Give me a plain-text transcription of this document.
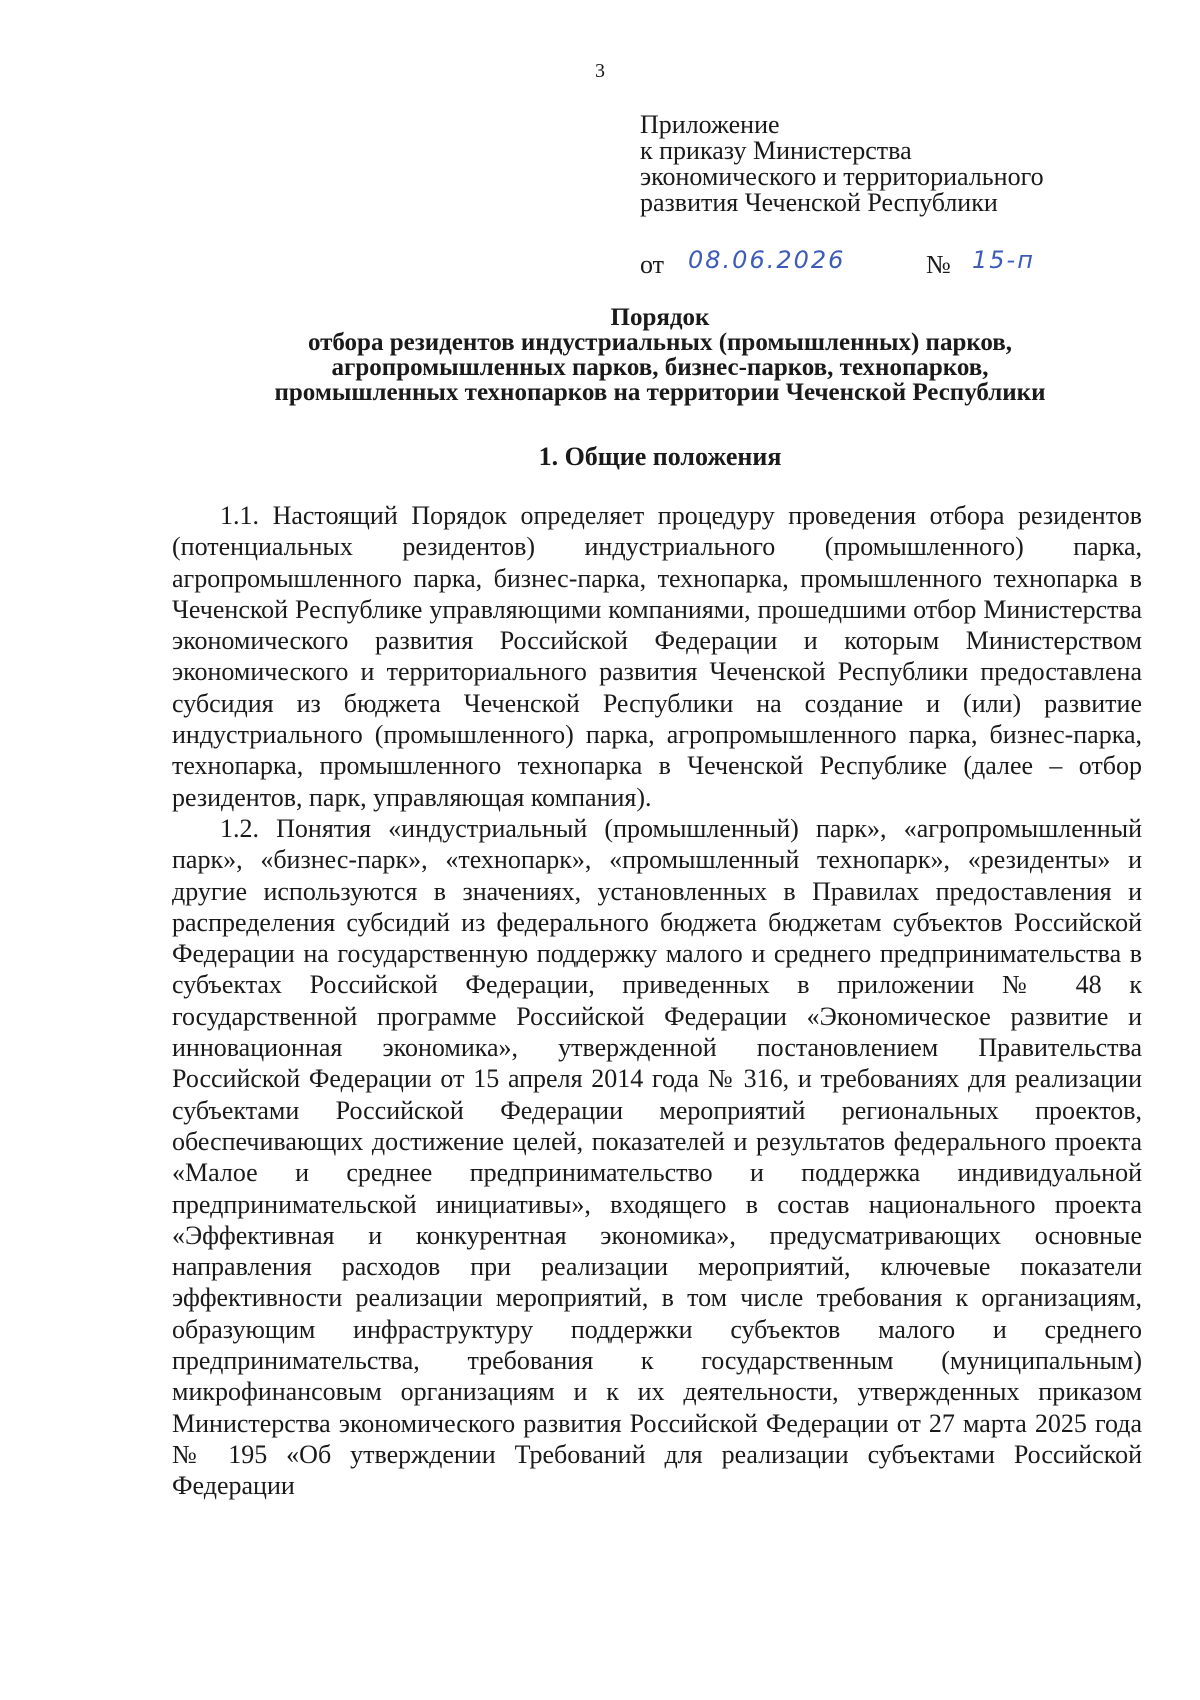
3
Приложение
к приказу Министерства
экономического и территориального
развития Чеченской Республики
от 08.06.2026	№ 15-п
Порядок
отбора резидентов индустриальных (промышленных) парков,
агропромышленных парков, бизнес-парков, технопарков,
промышленных технопарков на территории Чеченской Республики
1. Общие положения

1.1. Настоящий Порядок определяет процедуру проведения отбора резидентов (потенциальных резидентов) индустриального (промышленного) парка, агропромышленного парка, бизнес-парка, технопарка, промышленного технопарка в Чеченской Республике управляющими компаниями, прошедшими отбор Министерства экономического развития Российской Федерации и которым Министерством экономического и территориального развития Чеченской Республики предоставлена субсидия из бюджета Чеченской Республики на создание и (или) развитие индустриального (промышленного) парка, агропромышленного парка, бизнес-парка, технопарка, промышленного технопарка в Чеченской Республике (далее – отбор резидентов, парк, управляющая компания).

1.2. Понятия «индустриальный (промышленный) парк», «агропромышленный парк», «бизнес-парк», «технопарк», «промышленный технопарк», «резиденты» и другие используются в значениях, установленных в Правилах предоставления и распределения субсидий из федерального бюджета бюджетам субъектов Российской Федерации на государственную поддержку малого и среднего предпринимательства в субъектах Российской Федерации, приведенных в приложении № 48 к государственной программе Российской Федерации «Экономическое развитие и инновационная экономика», утвержденной постановлением Правительства Российской Федерации от 15 апреля 2014 года № 316, и требованиях для реализации субъектами Российской Федерации мероприятий региональных проектов, обеспечивающих достижение целей, показателей и результатов федерального проекта «Малое и среднее предпринимательство и поддержка индивидуальной предпринимательской инициативы», входящего в состав национального проекта «Эффективная и конкурентная экономика», предусматривающих основные направления расходов при реализации мероприятий, ключевые показатели эффективности реализации мероприятий, в том числе требования к организациям, образующим инфраструктуру поддержки субъектов малого и среднего предпринимательства, требования к государственным (муниципальным) микрофинансовым организациям и к их деятельности, утвержденных приказом Министерства экономического развития Российской Федерации от 27 марта 2025 года № 195 «Об утверждении Требований для реализации субъектами Российской Федерации
